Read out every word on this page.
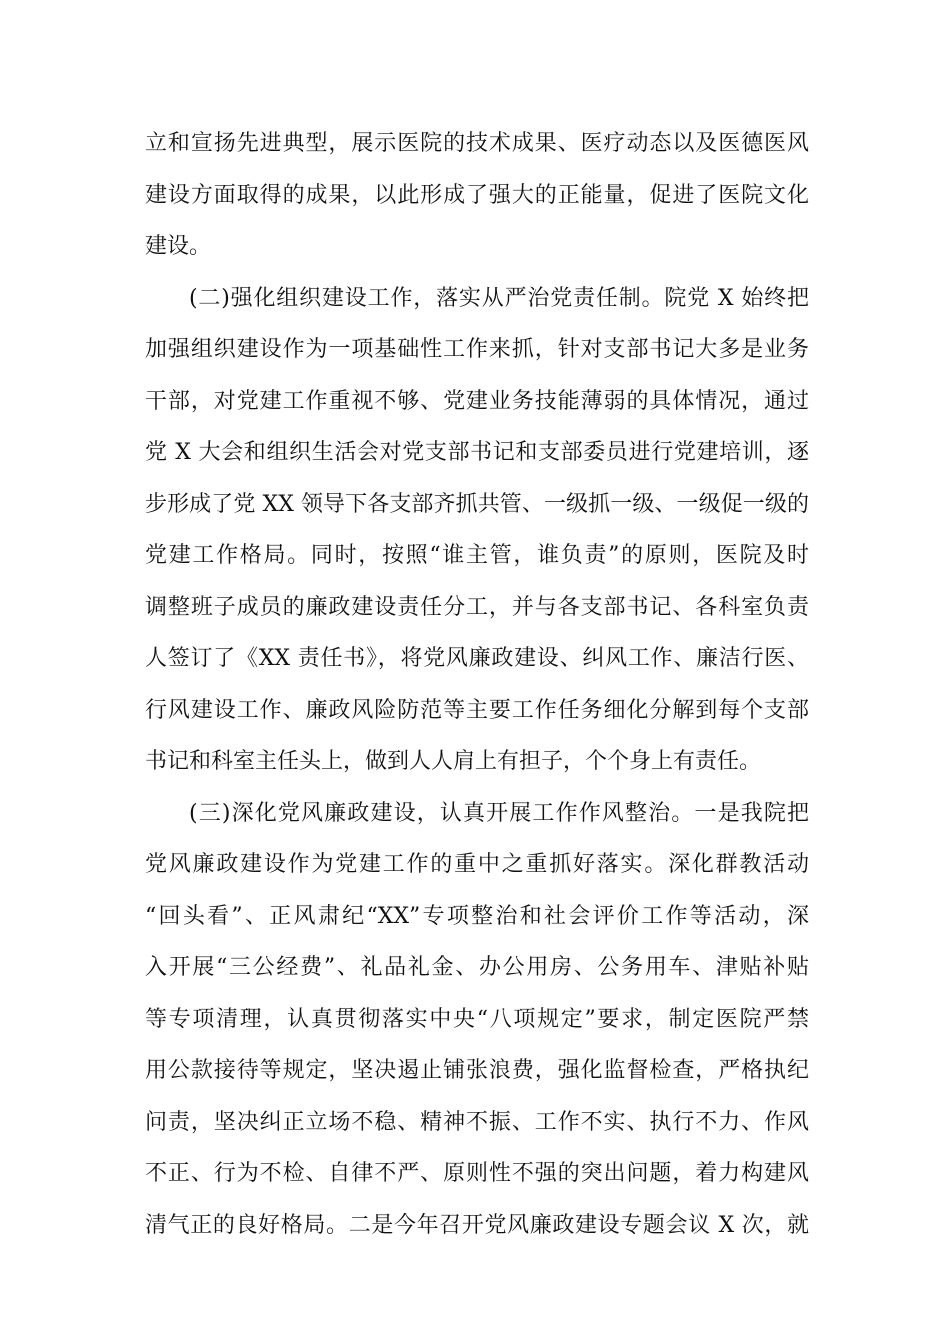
立和宣扬先进典型，展示医院的技术成果、医疗动态以及医德医风
建设方面取得的成果，以此形成了强大的正能量，促进了医院文化
建设。
(二)强化组织建设工作，落实从严治党责任制。院党 X 始终把
加强组织建设作为一项基础性工作来抓，针对支部书记大多是业务
干部，对党建工作重视不够、党建业务技能薄弱的具体情况，通过
党 X 大会和组织生活会对党支部书记和支部委员进行党建培训，逐
步形成了党 XX 领导下各支部齐抓共管、一级抓一级、一级促一级的
党建工作格局。同时，按照“谁主管，谁负责”的原则，医院及时
调整班子成员的廉政建设责任分工，并与各支部书记、各科室负责
人签订了《XX 责任书》，将党风廉政建设、纠风工作、廉洁行医、
行风建设工作、廉政风险防范等主要工作任务细化分解到每个支部
书记和科室主任头上，做到人人肩上有担子，个个身上有责任。
(三)深化党风廉政建设，认真开展工作作风整治。一是我院把
党风廉政建设作为党建工作的重中之重抓好落实。深化群教活动
“回头看”、正风肃纪“XX”专项整治和社会评价工作等活动，深
入开展“三公经费”、礼品礼金、办公用房、公务用车、津贴补贴
等专项清理，认真贯彻落实中央“八项规定”要求，制定医院严禁
用公款接待等规定，坚决遏止铺张浪费，强化监督检查，严格执纪
问责，坚决纠正立场不稳、精神不振、工作不实、执行不力、作风
不正、行为不检、自律不严、原则性不强的突出问题，着力构建风
清气正的良好格局。二是今年召开党风廉政建设专题会议 X 次，就
